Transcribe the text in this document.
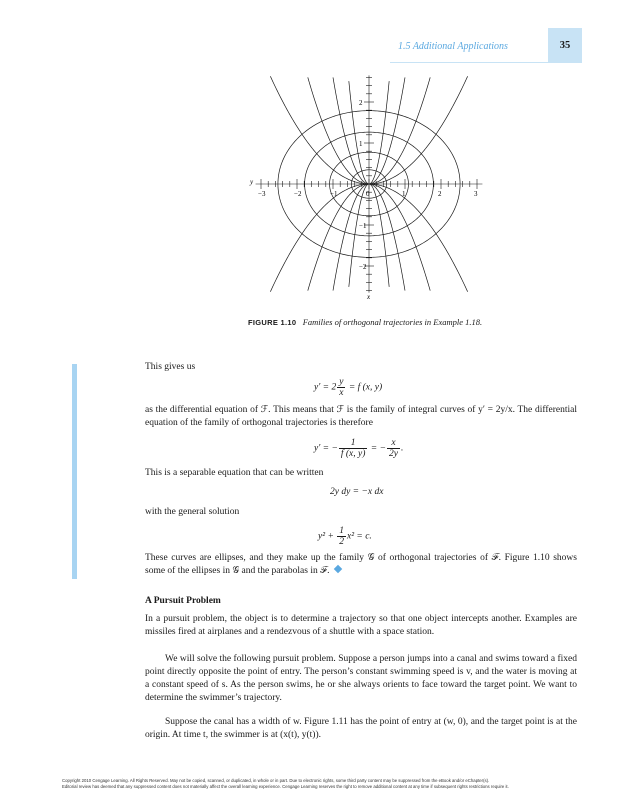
1.5 Additional Applications	35
y
x
−3	−2	−1	0	1	2	3
2
1
−1
−2
FIGURE 1.10 Families of orthogonal trajectories in Example 1.18.
This gives us
$y' = 2 \frac{y}{x} = f$ (x, y)
as the differential equation of ℱ. This means that ℱ is the family of integral curves of y′ = 2y/x. The differential equation of the family of orthogonal trajectories is therefore
y′ = − $\frac{1}{f (x, y)}$ = − $\frac{x}{2y}$ .
This is a separable equation that can be written
2y dy = −x dx
with the general solution
$y^2 + \frac{1}{2} x^2 = c$.
These curves are ellipses, and they make up the family 𝒢 of orthogonal trajectories of ℱ. Figure 1.10 shows some of the ellipses in 𝒢 and the parabolas in ℱ.
A Pursuit Problem
In a pursuit problem, the object is to determine a trajectory so that one object intercepts another. Examples are missiles fired at airplanes and a rendezvous of a shuttle with a space station.
We will solve the following pursuit problem. Suppose a person jumps into a canal and swims toward a fixed point directly opposite the point of entry. The person’s constant swimming speed is v, and the water is moving at a constant speed of s. As the person swims, he or she always orients to face toward the target point. We want to determine the swimmer’s trajectory.
Suppose the canal has a width of w. Figure 1.11 has the point of entry at (w, 0), and the target point is at the origin. At time t, the swimmer is at (x(t), y(t)).
Copyright 2010 Cengage Learning. All Rights Reserved. May not be copied, scanned, or duplicated, in whole or in part. Due to electronic rights, some third party content may be suppressed from the eBook and/or eChapter(s).
Editorial review has deemed that any suppressed content does not materially affect the overall learning experience. Cengage Learning reserves the right to remove additional content at any time if subsequent rights restrictions require it.
